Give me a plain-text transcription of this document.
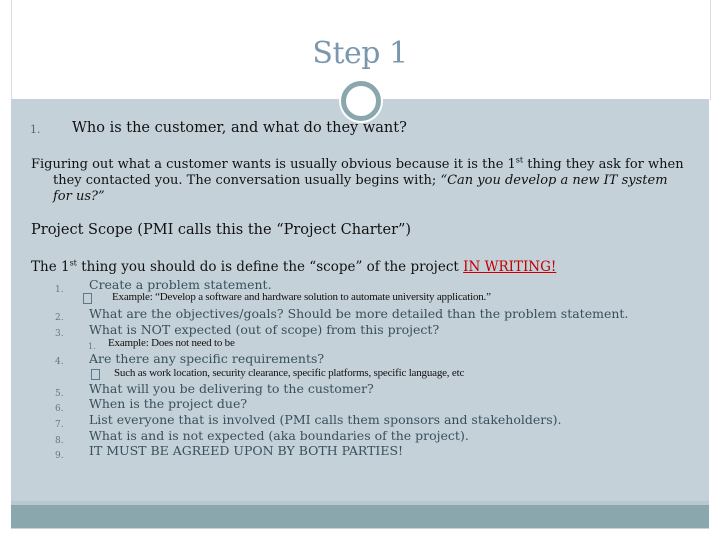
Step 1
1. Who is the customer, and what do they want?
Figuring out what a customer wants is usually obvious because it is the 1st thing they ask for when
they contacted you. The conversation usually begins with; “Can you develop a new IT system
for us?”
Project Scope (PMI calls this the “Project Charter”)
The 1st thing you should do is define the “scope” of the project IN WRITING!
1. Create a problem statement.
Example: “Develop a software and hardware solution to automate university application.”
2. What are the objectives/goals? Should be more detailed than the problem statement.
3. What is NOT expected (out of scope) from this project?
1. Example: Does not need to be
4. Are there any specific requirements?
Such as work location, security clearance, specific platforms, specific language, etc
5. What will you be delivering to the customer?
6. When is the project due?
7. List everyone that is involved (PMI calls them sponsors and stakeholders).
8. What is and is not expected (aka boundaries of the project).
9. IT MUST BE AGREED UPON BY BOTH PARTIES!
